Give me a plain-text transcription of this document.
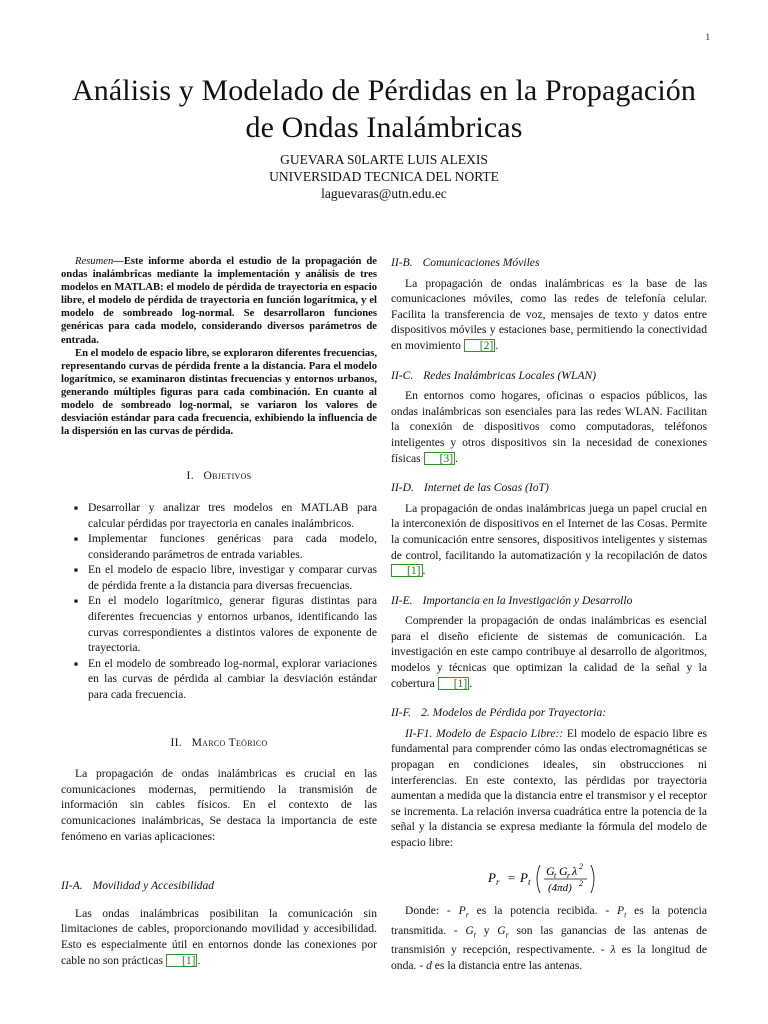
1
Análisis y Modelado de Pérdidas en la Propagación
de Ondas Inalámbricas
GUEVARA S0LARTE LUIS ALEXIS
UNIVERSIDAD TECNICA DEL NORTE
laguevaras@utn.edu.ec

Resumen—Este informe aborda el estudio de la propagación de ondas inalámbricas mediante la implementación y análisis de tres modelos en MATLAB: el modelo de pérdida de trayectoria en espacio libre, el modelo de pérdida de trayectoria en función logarítmica, y el modelo de sombreado log-normal. Se desarrollaron funciones genéricas para cada modelo, considerando diversos parámetros de entrada.

En el modelo de espacio libre, se exploraron diferentes frecuencias, representando curvas de pérdida frente a la distancia. Para el modelo logarítmico, se examinaron distintas frecuencias y entornos urbanos, generando múltiples figuras para cada combinación. En cuanto al modelo de sombreado log-normal, se variaron los valores de desviación estándar para cada frecuencia, exhibiendo la influencia de la dispersión en las curvas de pérdida.

I. Objetivos
■ Desarrollar y analizar tres modelos en MATLAB para calcular pérdidas por trayectoria en canales inalámbricos.
■ Implementar funciones genéricas para cada modelo, considerando parámetros de entrada variables.
■ En el modelo de espacio libre, investigar y comparar curvas de pérdida frente a la distancia para diversas frecuencias.
■ En el modelo logarítmico, generar figuras distintas para diferentes frecuencias y entornos urbanos, identificando las curvas correspondientes a distintos valores de exponente de trayectoria.
■ En el modelo de sombreado log-normal, explorar variaciones en las curvas de pérdida al cambiar la desviación estándar para cada frecuencia.
II. Marco Teórico

La propagación de ondas inalámbricas es crucial en las comunicaciones modernas, permitiendo la transmisión de información sin cables físicos. En el contexto de las comunicaciones inalámbricas, Se destaca la importancia de este fenómeno en varias aplicaciones:

II-A. Movilidad y Accesibilidad

Las ondas inalámbricas posibilitan la comunicación sin limitaciones de cables, proporcionando movilidad y accesibilidad. Esto es especialmente útil en entornos donde las conexiones por cable no son prácticas [1] .

II-B. Comunicaciones Móviles

La propagación de ondas inalámbricas es la base de las comunicaciones móviles, como las redes de telefonía celular. Facilita la transferencia de voz, mensajes de texto y datos entre dispositivos móviles y estaciones base, permitiendo la conectividad en movimiento [2] .

II-C. Redes Inalámbricas Locales (WLAN)

En entornos como hogares, oficinas o espacios públicos, las ondas inalámbricas son esenciales para las redes WLAN. Facilitan la conexión de dispositivos como computadoras, teléfonos inteligentes y otros dispositivos sin la necesidad de conexiones físicas [3] .

II-D. Internet de las Cosas (IoT)

La propagación de ondas inalámbricas juega un papel crucial en la interconexión de dispositivos en el Internet de las Cosas. Permite la comunicación entre sensores, dispositivos inteligentes y sistemas de control, facilitando la automatización y la recopilación de datos [1] .

II-E. Importancia en la Investigación y Desarrollo

Comprender la propagación de ondas inalámbricas es esencial para el diseño eficiente de sistemas de comunicación. La investigación en este campo contribuye al desarrollo de algoritmos, modelos y técnicas que optimizan la calidad de la señal y la cobertura [1] .

II-F. 2. Modelos de Pérdida por Trayectoria:

II-F1. Modelo de Espacio Libre:: El modelo de espacio libre es fundamental para comprender cómo las ondas electromagnéticas se propagan en condiciones ideales, sin obstrucciones ni interferencias. En este contexto, las pérdidas por trayectoria aumentan a medida que la distancia entre el transmisor y el receptor se incrementa. La relación inversa cuadrática entre la potencia de la señal y la distancia se expresa mediante la fórmula del modelo de espacio libre:

P r = P t
G t G r λ 2
(4πd) 2

Donde: - $P_r$ es la potencia recibida. - $P_t$ es la potencia transmitida. - $G_t$ y $G_r$ son las ganancias de las antenas de transmisión y recepción, respectivamente. - λ es la longitud de onda. - d es la distancia entre las antenas.
